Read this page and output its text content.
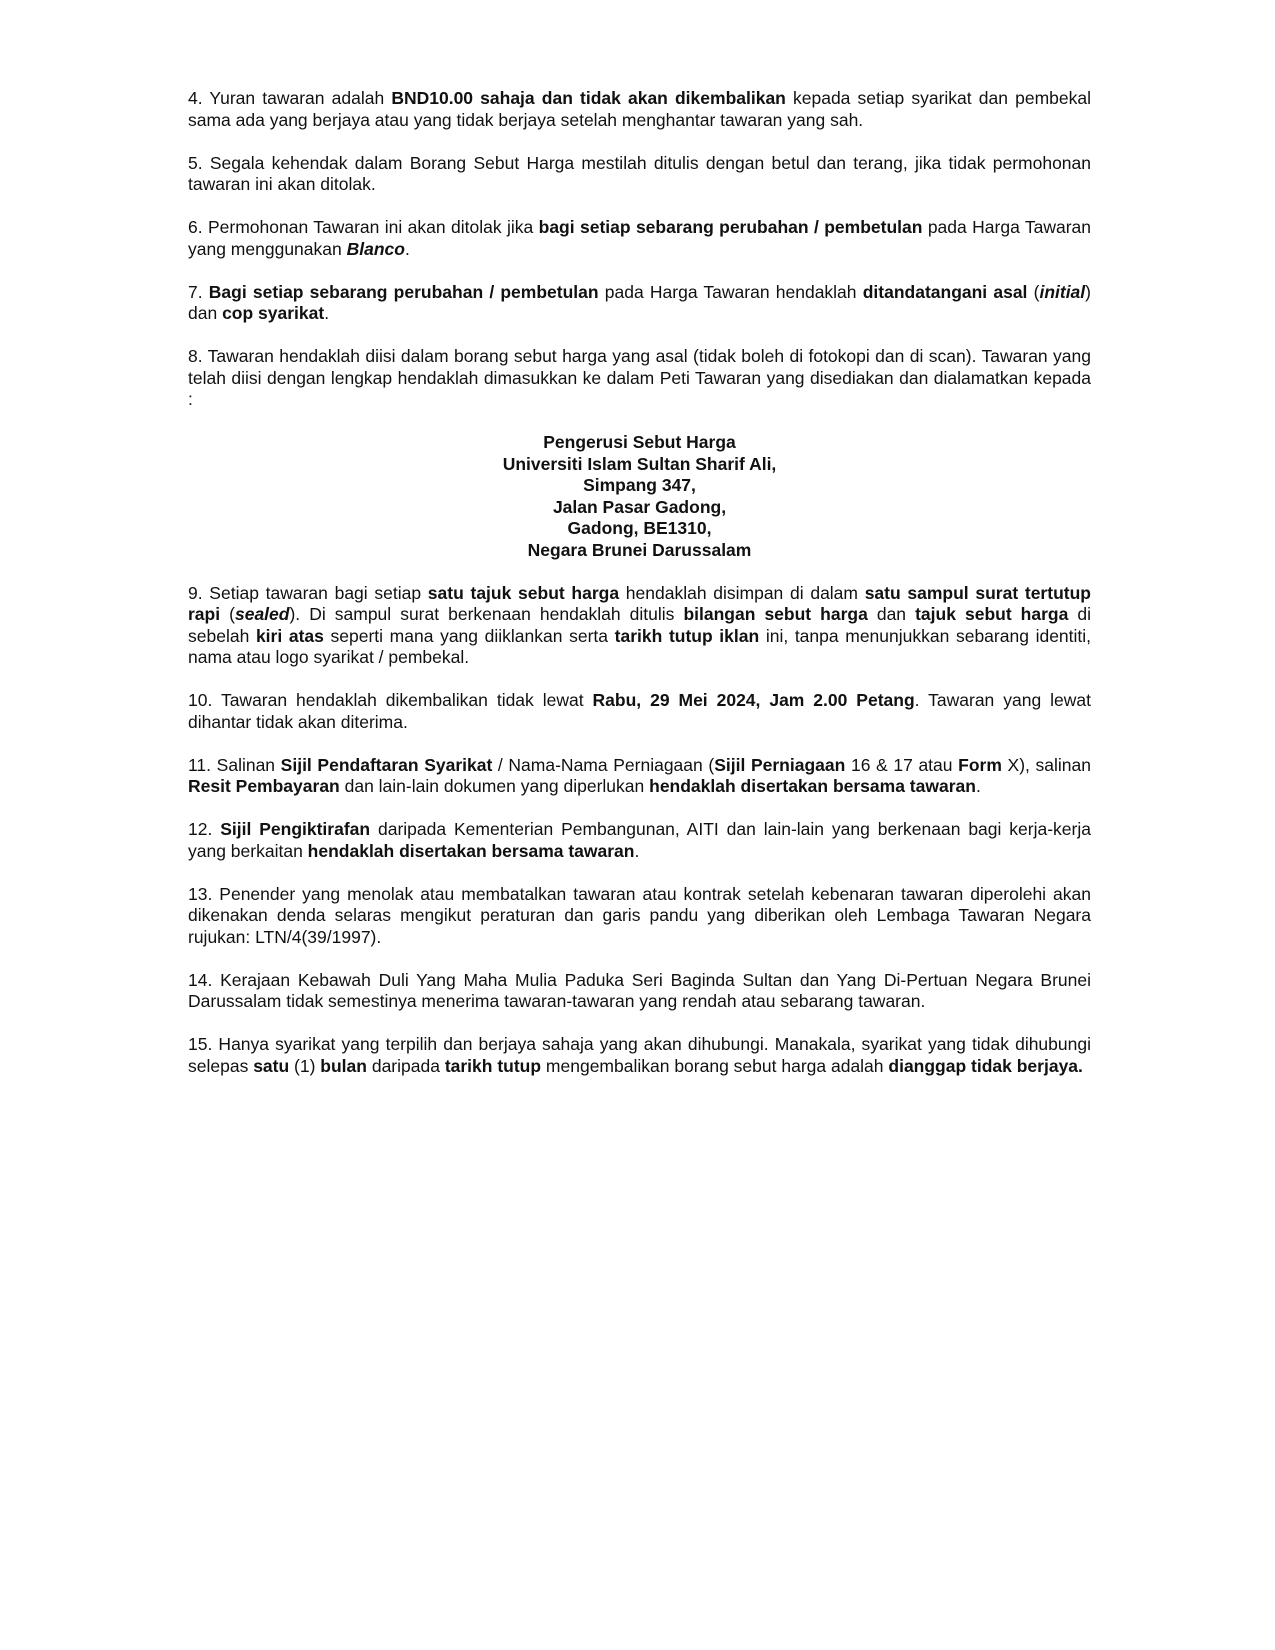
4. Yuran tawaran adalah BND10.00 sahaja dan tidak akan dikembalikan kepada setiap syarikat dan pembekal sama ada yang berjaya atau yang tidak berjaya setelah menghantar tawaran yang sah.

5. Segala kehendak dalam Borang Sebut Harga mestilah ditulis dengan betul dan terang, jika tidak permohonan tawaran ini akan ditolak.

6. Permohonan Tawaran ini akan ditolak jika bagi setiap sebarang perubahan / pembetulan pada Harga Tawaran yang menggunakan Blanco.

7. Bagi setiap sebarang perubahan / pembetulan pada Harga Tawaran hendaklah ditandatangani asal (initial) dan cop syarikat.

8. Tawaran hendaklah diisi dalam borang sebut harga yang asal (tidak boleh di fotokopi dan di scan). Tawaran yang telah diisi dengan lengkap hendaklah dimasukkan ke dalam Peti Tawaran yang disediakan dan dialamatkan kepada :

Pengerusi Sebut Harga
Universiti Islam Sultan Sharif Ali,
Simpang 347,
Jalan Pasar Gadong,
Gadong, BE1310,
Negara Brunei Darussalam

9. Setiap tawaran bagi setiap satu tajuk sebut harga hendaklah disimpan di dalam satu sampul surat tertutup rapi (sealed). Di sampul surat berkenaan hendaklah ditulis bilangan sebut harga dan tajuk sebut harga di sebelah kiri atas seperti mana yang diiklankan serta tarikh tutup iklan ini, tanpa menunjukkan sebarang identiti, nama atau logo syarikat / pembekal.

10. Tawaran hendaklah dikembalikan tidak lewat Rabu, 29 Mei 2024, Jam 2.00 Petang. Tawaran yang lewat dihantar tidak akan diterima.

11. Salinan Sijil Pendaftaran Syarikat / Nama-Nama Perniagaan (Sijil Perniagaan 16 & 17 atau Form X), salinan Resit Pembayaran dan lain-lain dokumen yang diperlukan hendaklah disertakan bersama tawaran.

12. Sijil Pengiktirafan daripada Kementerian Pembangunan, AITI dan lain-lain yang berkenaan bagi kerja-kerja yang berkaitan hendaklah disertakan bersama tawaran.

13. Penender yang menolak atau membatalkan tawaran atau kontrak setelah kebenaran tawaran diperolehi akan dikenakan denda selaras mengikut peraturan dan garis pandu yang diberikan oleh Lembaga Tawaran Negara rujukan: LTN/4(39/1997).

14. Kerajaan Kebawah Duli Yang Maha Mulia Paduka Seri Baginda Sultan dan Yang Di-Pertuan Negara Brunei Darussalam tidak semestinya menerima tawaran-tawaran yang rendah atau sebarang tawaran.

15. Hanya syarikat yang terpilih dan berjaya sahaja yang akan dihubungi. Manakala, syarikat yang tidak dihubungi selepas satu (1) bulan daripada tarikh tutup mengembalikan borang sebut harga adalah dianggap tidak berjaya.
